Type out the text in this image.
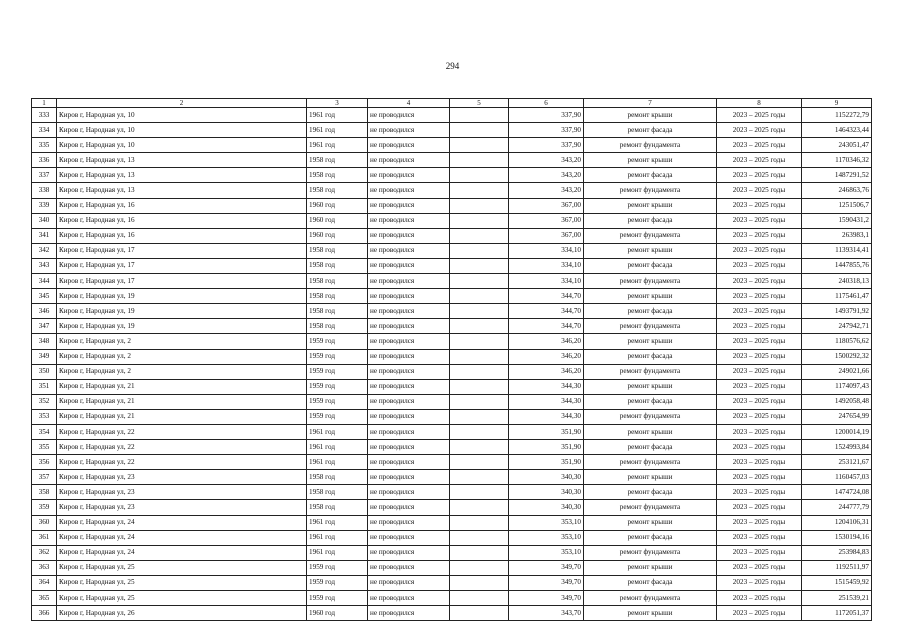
294
1	2	3	4	5	6	7	8	9
333	Киров г, Народная ул, 10	1961 год	не проводился		337,90	ремонт крыши	2023 – 2025 годы	1152272,79
334	Киров г, Народная ул, 10	1961 год	не проводился		337,90	ремонт фасада	2023 – 2025 годы	1464323,44
335	Киров г, Народная ул, 10	1961 год	не проводился		337,90	ремонт фундамента	2023 – 2025 годы	243051,47
336	Киров г, Народная ул, 13	1958 год	не проводился		343,20	ремонт крыши	2023 – 2025 годы	1170346,32
337	Киров г, Народная ул, 13	1958 год	не проводился		343,20	ремонт фасада	2023 – 2025 годы	1487291,52
338	Киров г, Народная ул, 13	1958 год	не проводился		343,20	ремонт фундамента	2023 – 2025 годы	246863,76
339	Киров г, Народная ул, 16	1960 год	не проводился		367,00	ремонт крыши	2023 – 2025 годы	1251506,7
340	Киров г, Народная ул, 16	1960 год	не проводился		367,00	ремонт фасада	2023 – 2025 годы	1590431,2
341	Киров г, Народная ул, 16	1960 год	не проводился		367,00	ремонт фундамента	2023 – 2025 годы	263983,1
342	Киров г, Народная ул, 17	1958 год	не проводился		334,10	ремонт крыши	2023 – 2025 годы	1139314,41
343	Киров г, Народная ул, 17	1958 год	не проводился		334,10	ремонт фасада	2023 – 2025 годы	1447855,76
344	Киров г, Народная ул, 17	1958 год	не проводился		334,10	ремонт фундамента	2023 – 2025 годы	240318,13
345	Киров г, Народная ул, 19	1958 год	не проводился		344,70	ремонт крыши	2023 – 2025 годы	1175461,47
346	Киров г, Народная ул, 19	1958 год	не проводился		344,70	ремонт фасада	2023 – 2025 годы	1493791,92
347	Киров г, Народная ул, 19	1958 год	не проводился		344,70	ремонт фундамента	2023 – 2025 годы	247942,71
348	Киров г, Народная ул, 2	1959 год	не проводился		346,20	ремонт крыши	2023 – 2025 годы	1180576,62
349	Киров г, Народная ул, 2	1959 год	не проводился		346,20	ремонт фасада	2023 – 2025 годы	1500292,32
350	Киров г, Народная ул, 2	1959 год	не проводился		346,20	ремонт фундамента	2023 – 2025 годы	249021,66
351	Киров г, Народная ул, 21	1959 год	не проводился		344,30	ремонт крыши	2023 – 2025 годы	1174097,43
352	Киров г, Народная ул, 21	1959 год	не проводился		344,30	ремонт фасада	2023 – 2025 годы	1492058,48
353	Киров г, Народная ул, 21	1959 год	не проводился		344,30	ремонт фундамента	2023 – 2025 годы	247654,99
354	Киров г, Народная ул, 22	1961 год	не проводился		351,90	ремонт крыши	2023 – 2025 годы	1200014,19
355	Киров г, Народная ул, 22	1961 год	не проводился		351,90	ремонт фасада	2023 – 2025 годы	1524993,84
356	Киров г, Народная ул, 22	1961 год	не проводился		351,90	ремонт фундамента	2023 – 2025 годы	253121,67
357	Киров г, Народная ул, 23	1958 год	не проводился		340,30	ремонт крыши	2023 – 2025 годы	1160457,03
358	Киров г, Народная ул, 23	1958 год	не проводился		340,30	ремонт фасада	2023 – 2025 годы	1474724,08
359	Киров г, Народная ул, 23	1958 год	не проводился		340,30	ремонт фундамента	2023 – 2025 годы	244777,79
360	Киров г, Народная ул, 24	1961 год	не проводился		353,10	ремонт крыши	2023 – 2025 годы	1204106,31
361	Киров г, Народная ул, 24	1961 год	не проводился		353,10	ремонт фасада	2023 – 2025 годы	1530194,16
362	Киров г, Народная ул, 24	1961 год	не проводился		353,10	ремонт фундамента	2023 – 2025 годы	253984,83
363	Киров г, Народная ул, 25	1959 год	не проводился		349,70	ремонт крыши	2023 – 2025 годы	1192511,97
364	Киров г, Народная ул, 25	1959 год	не проводился		349,70	ремонт фасада	2023 – 2025 годы	1515459,92
365	Киров г, Народная ул, 25	1959 год	не проводился		349,70	ремонт фундамента	2023 – 2025 годы	251539,21
366	Киров г, Народная ул, 26	1960 год	не проводился		343,70	ремонт крыши	2023 – 2025 годы	1172051,37
